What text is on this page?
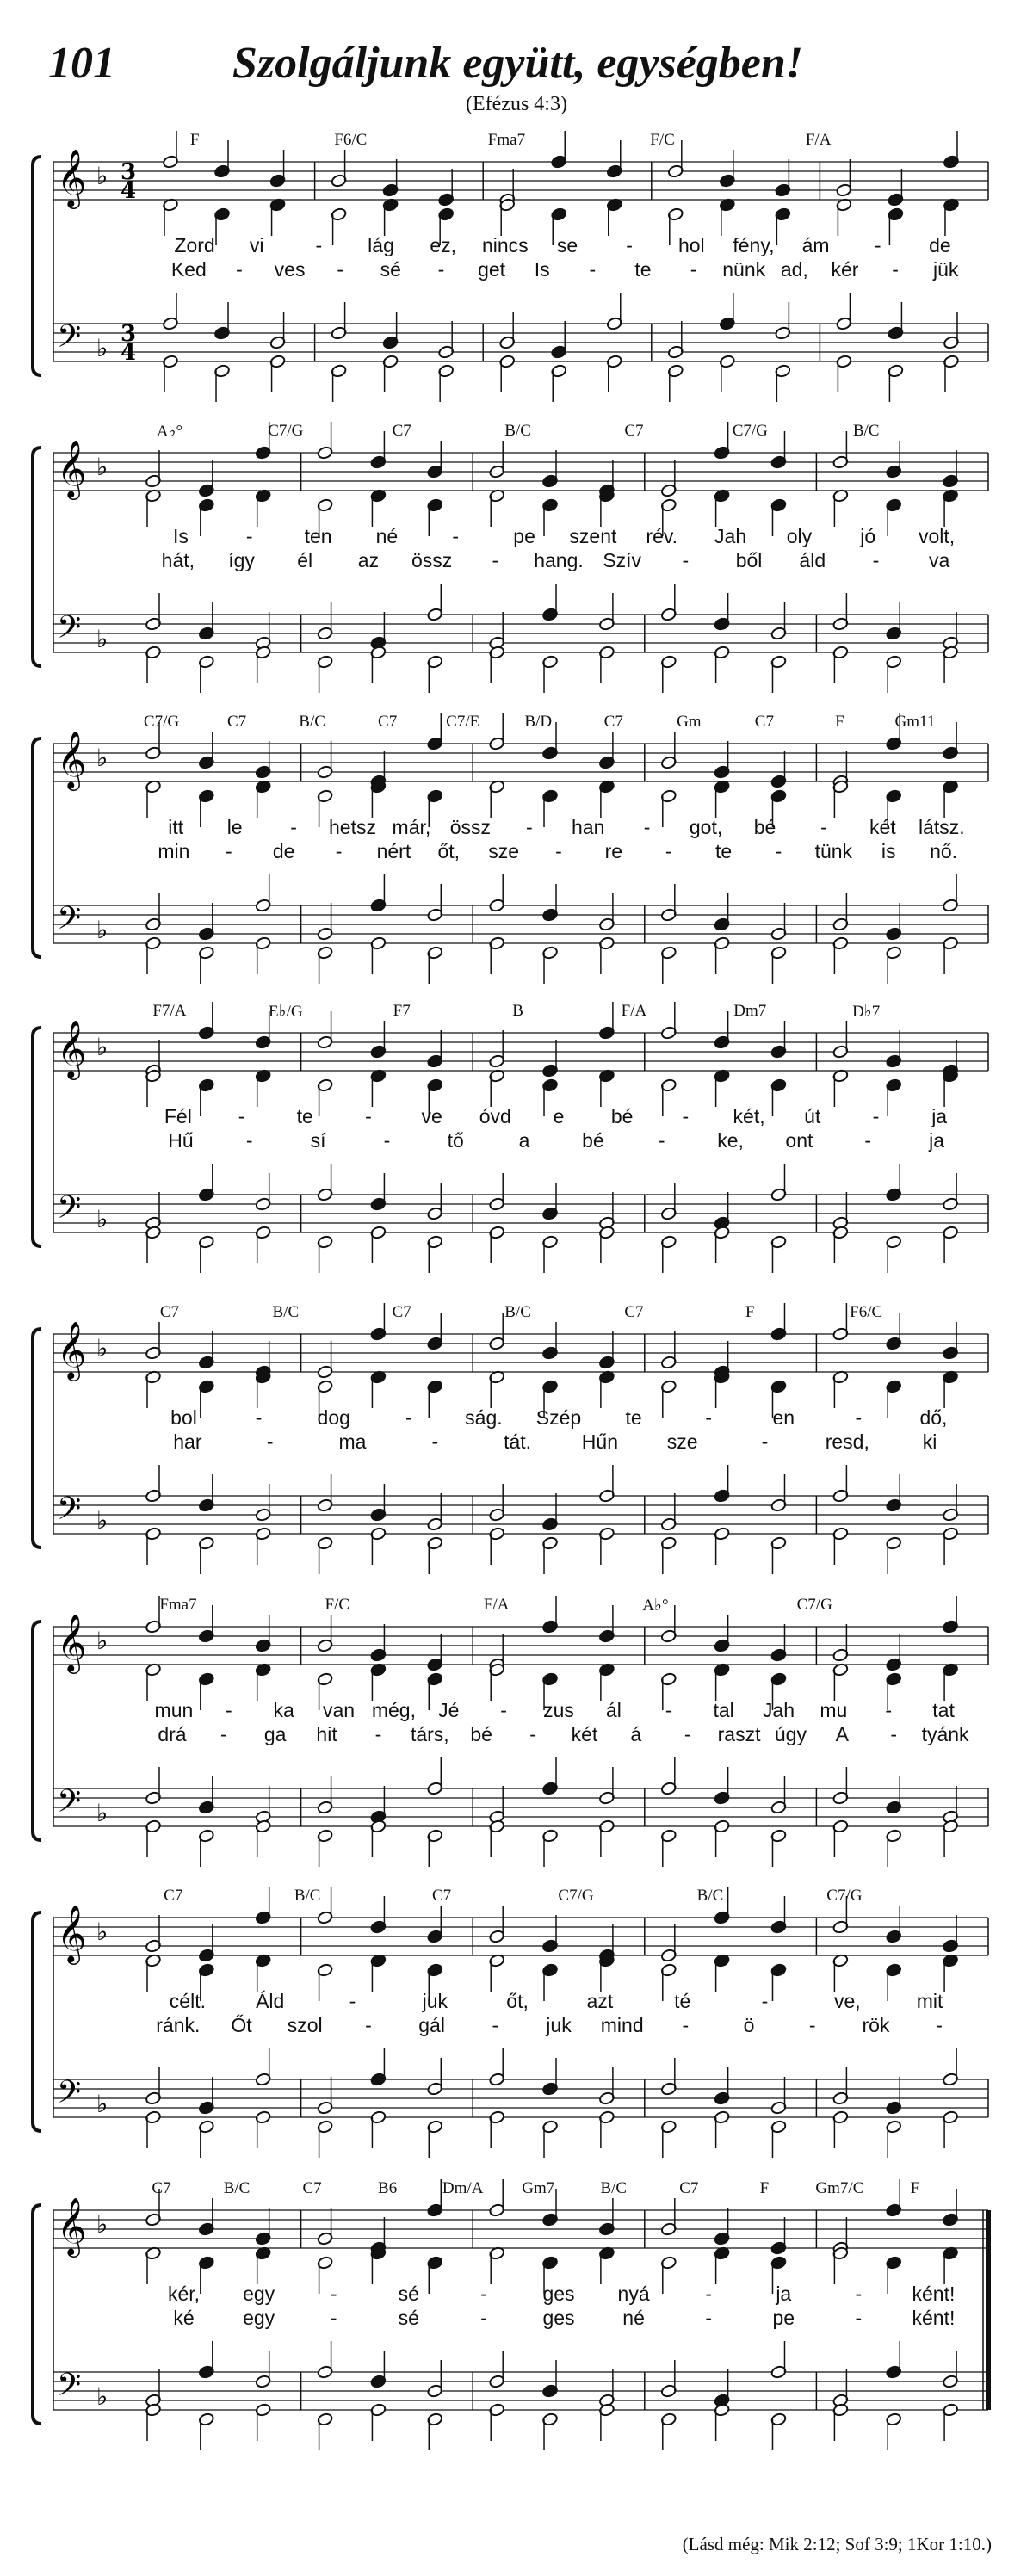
101	Szolgáljunk együtt, egységben!
(Efézus 4:3)
𝄞
𝄢
♭
♭
3
3
4
4
F	F6/C	Fma7	F/C	F/A
Zord vi	- lág ez, nincs se - hol fény, ám - de
Ked - ves - sé - get Is - te - nünk ad, kér - jük
𝄞
𝄢
♭
♭
A♭°	C7/G	C7	B/C	C7	C7/G	B/C
Is	-	ten né	-	pe szent rév. Jah oly jó volt,
hát, így él az össz - hang. Szív - ből áld -	va
𝄞
𝄢
♭
♭
C7/G	C7	B/C	C7	C7/E	B/D	C7	Gm	C7	F	Gm11
itt le - hetsz már, össz - han - got, bé - két látsz.
min - de - nért őt, sze - re - te - tünk is nő.
𝄞
𝄢
♭
♭
F7/A	E♭/G	F7	B	F/A	Dm7	D♭7
Fél -	te	-	ve óvd e bé - két, út	-	ja
Hű	-	sí	-	tő	a	bé	-	ke, ont	-	ja
𝄞
𝄢
♭
♭
C7	B/C	C7	B/C	C7	F	F6/C
bol	-	dog	-	ság. Szép te	-	en	-	dő,
har	-	ma	-	tát.	Hűn sze	-	resd,	ki
𝄞
𝄢
♭
♭
Fma7	F/C	F/A	A♭°	C7/G
mun - ka van még, Jé - zus ál - tal Jah mu - tat
drá - ga hit - társ, bé - két á - raszt úgy A - tyánk
𝄞
𝄢
♭
♭
C7	B/C	C7	C7/G	B/C	C7/G
célt.	Áld	-	juk	őt,	azt	té	-	ve,	mit
ránk. Őt szol - gál - juk mind -	ö	- rök -
𝄞
𝄢
♭
♭
C7	B/C	C7	B6	Dm/A Gm7	B/C	C7	F	Gm7/C	F
kér, egy	-	sé	-	ges nyá	-	ja	-	ként!
ké egy	-	sé	-	ges né	-	pe	-	ként!
(Lásd még: Mik 2:12; Sof 3:9; 1Kor 1:10.)
